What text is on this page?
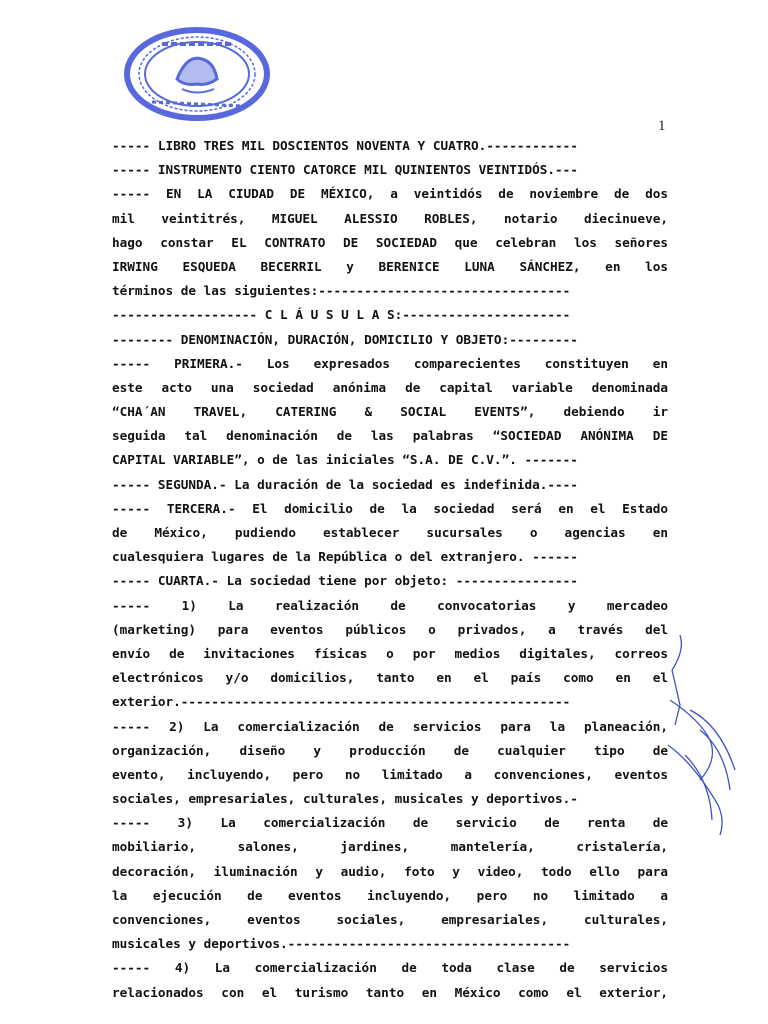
1
----- LIBRO TRES MIL DOSCIENTOS NOVENTA Y CUATRO.------------
----- INSTRUMENTO CIENTO CATORCE MIL QUINIENTOS VEINTIDÓS.---
----- EN LA CIUDAD DE MÉXICO, a veintidós de noviembre de dos
mil veintitrés, MIGUEL ALESSIO ROBLES, notario diecinueve,
hago constar EL CONTRATO DE SOCIEDAD que celebran los señores
IRWING ESQUEDA BECERRIL y BERENICE LUNA SÁNCHEZ, en los
términos de las siguientes:---------------------------------
------------------- C L Á U S U L A S:----------------------
-------- DENOMINACIÓN, DURACIÓN, DOMICILIO Y OBJETO:---------
----- PRIMERA.- Los expresados comparecientes constituyen en
este acto una sociedad anónima de capital variable denominada
“CHA´AN TRAVEL, CATERING & SOCIAL EVENTS”, debiendo ir
seguida tal denominación de las palabras “SOCIEDAD ANÓNIMA DE
CAPITAL VARIABLE”, o de las iniciales “S.A. DE C.V.”. -------
----- SEGUNDA.- La duración de la sociedad es indefinida.----
----- TERCERA.- El domicilio de la sociedad será en el Estado
de México, pudiendo establecer sucursales o agencias en
cualesquiera lugares de la República o del extranjero. ------
----- CUARTA.- La sociedad tiene por objeto: ----------------
----- 1) La realización de convocatorias y mercadeo
(marketing) para eventos públicos o privados, a través del
envío de invitaciones físicas o por medios digitales, correos
electrónicos y/o domicilios, tanto en el país como en el
exterior.---------------------------------------------------
----- 2) La comercialización de servicios para la planeación,
organización, diseño y producción de cualquier tipo de
evento, incluyendo, pero no limitado a convenciones, eventos
sociales, empresariales, culturales, musicales y deportivos.-
----- 3) La comercialización de servicio de renta de
mobiliario, salones, jardines, mantelería, cristalería,
decoración, iluminación y audio, foto y video, todo ello para
la ejecución de eventos incluyendo, pero no limitado a
convenciones, eventos sociales, empresariales, culturales,
musicales y deportivos.-------------------------------------
----- 4) La comercialización de toda clase de servicios
relacionados con el turismo tanto en México como el exterior,
